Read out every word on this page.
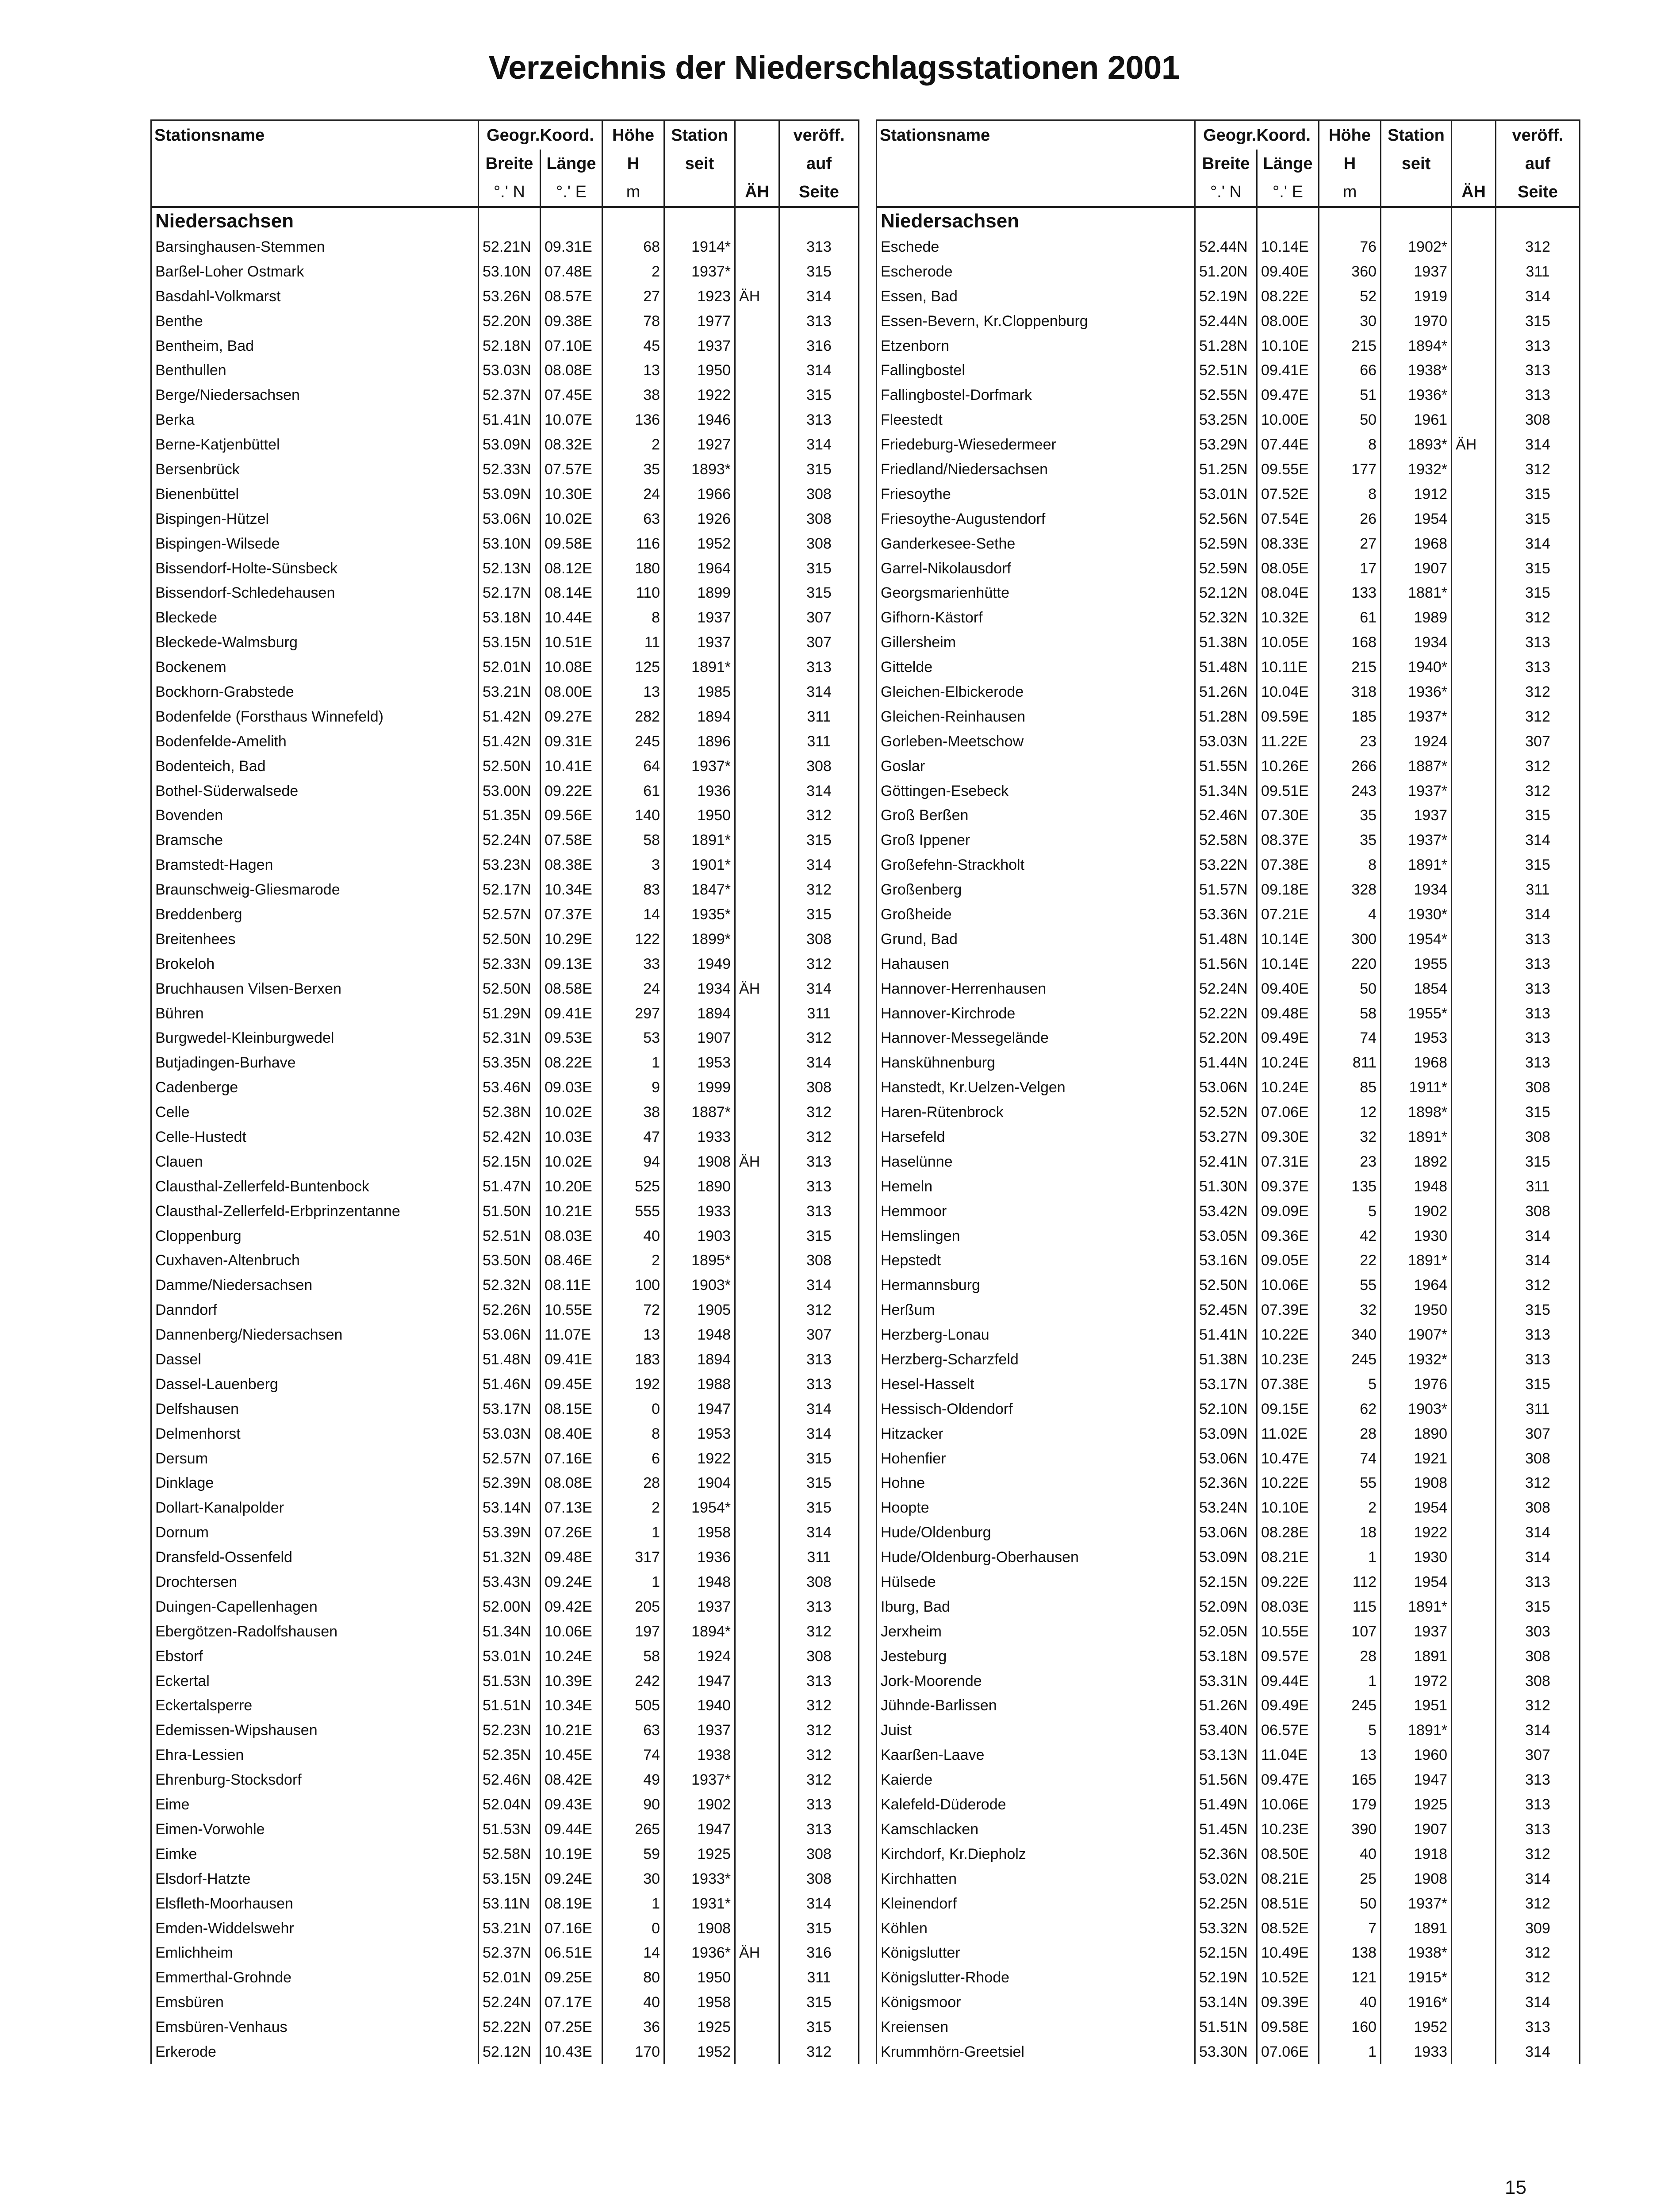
Verzeichnis der Niederschlagsstationen 2001
Stationsname	Geogr.Koord.		Höhe	Station		veröff.
	Breite	Länge	H	seit		auf
	°.' N	°.' E	m		ÄH	Seite
Niedersachsen						
Barsinghausen-Stemmen	52.21N	09.31E	68	1914*		313
Barßel-Loher Ostmark	53.10N	07.48E	2	1937*		315
Basdahl-Volkmarst	53.26N	08.57E	27	1923	ÄH	314
Benthe	52.20N	09.38E	78	1977		313
Bentheim, Bad	52.18N	07.10E	45	1937		316
Benthullen	53.03N	08.08E	13	1950		314
Berge/Niedersachsen	52.37N	07.45E	38	1922		315
Berka	51.41N	10.07E	136	1946		313
Berne-Katjenbüttel	53.09N	08.32E	2	1927		314
Bersenbrück	52.33N	07.57E	35	1893*		315
Bienenbüttel	53.09N	10.30E	24	1966		308
Bispingen-Hützel	53.06N	10.02E	63	1926		308
Bispingen-Wilsede	53.10N	09.58E	116	1952		308
Bissendorf-Holte-Sünsbeck	52.13N	08.12E	180	1964		315
Bissendorf-Schledehausen	52.17N	08.14E	110	1899		315
Bleckede	53.18N	10.44E	8	1937		307
Bleckede-Walmsburg	53.15N	10.51E	11	1937		307
Bockenem	52.01N	10.08E	125	1891*		313
Bockhorn-Grabstede	53.21N	08.00E	13	1985		314
Bodenfelde (Forsthaus Winnefeld)	51.42N	09.27E	282	1894		311
Bodenfelde-Amelith	51.42N	09.31E	245	1896		311
Bodenteich, Bad	52.50N	10.41E	64	1937*		308
Bothel-Süderwalsede	53.00N	09.22E	61	1936		314
Bovenden	51.35N	09.56E	140	1950		312
Bramsche	52.24N	07.58E	58	1891*		315
Bramstedt-Hagen	53.23N	08.38E	3	1901*		314
Braunschweig-Gliesmarode	52.17N	10.34E	83	1847*		312
Breddenberg	52.57N	07.37E	14	1935*		315
Breitenhees	52.50N	10.29E	122	1899*		308
Brokeloh	52.33N	09.13E	33	1949		312
Bruchhausen Vilsen-Berxen	52.50N	08.58E	24	1934	ÄH	314
Bühren	51.29N	09.41E	297	1894		311
Burgwedel-Kleinburgwedel	52.31N	09.53E	53	1907		312
Butjadingen-Burhave	53.35N	08.22E	1	1953		314
Cadenberge	53.46N	09.03E	9	1999		308
Celle	52.38N	10.02E	38	1887*		312
Celle-Hustedt	52.42N	10.03E	47	1933		312
Clauen	52.15N	10.02E	94	1908	ÄH	313
Clausthal-Zellerfeld-Buntenbock	51.47N	10.20E	525	1890		313
Clausthal-Zellerfeld-Erbprinzentanne	51.50N	10.21E	555	1933		313
Cloppenburg	52.51N	08.03E	40	1903		315
Cuxhaven-Altenbruch	53.50N	08.46E	2	1895*		308
Damme/Niedersachsen	52.32N	08.11E	100	1903*		314
Danndorf	52.26N	10.55E	72	1905		312
Dannenberg/Niedersachsen	53.06N	11.07E	13	1948		307
Dassel	51.48N	09.41E	183	1894		313
Dassel-Lauenberg	51.46N	09.45E	192	1988		313
Delfshausen	53.17N	08.15E	0	1947		314
Delmenhorst	53.03N	08.40E	8	1953		314
Dersum	52.57N	07.16E	6	1922		315
Dinklage	52.39N	08.08E	28	1904		315
Dollart-Kanalpolder	53.14N	07.13E	2	1954*		315
Dornum	53.39N	07.26E	1	1958		314
Dransfeld-Ossenfeld	51.32N	09.48E	317	1936		311
Drochtersen	53.43N	09.24E	1	1948		308
Duingen-Capellenhagen	52.00N	09.42E	205	1937		313
Ebergötzen-Radolfshausen	51.34N	10.06E	197	1894*		312
Ebstorf	53.01N	10.24E	58	1924		308
Eckertal	51.53N	10.39E	242	1947		313
Eckertalsperre	51.51N	10.34E	505	1940		312
Edemissen-Wipshausen	52.23N	10.21E	63	1937		312
Ehra-Lessien	52.35N	10.45E	74	1938		312
Ehrenburg-Stocksdorf	52.46N	08.42E	49	1937*		312
Eime	52.04N	09.43E	90	1902		313
Eimen-Vorwohle	51.53N	09.44E	265	1947		313
Eimke	52.58N	10.19E	59	1925		308
Elsdorf-Hatzte	53.15N	09.24E	30	1933*		308
Elsfleth-Moorhausen	53.11N	08.19E	1	1931*		314
Emden-Widdelswehr	53.21N	07.16E	0	1908		315
Emlichheim	52.37N	06.51E	14	1936*	ÄH	316
Emmerthal-Grohnde	52.01N	09.25E	80	1950		311
Emsbüren	52.24N	07.17E	40	1958		315
Emsbüren-Venhaus	52.22N	07.25E	36	1925		315
Erkerode	52.12N	10.43E	170	1952		312
Stationsname	Geogr.Koord.		Höhe	Station		veröff.
	Breite	Länge	H	seit		auf
	°.' N	°.' E	m		ÄH	Seite
Niedersachsen						
Eschede	52.44N	10.14E	76	1902*		312
Escherode	51.20N	09.40E	360	1937		311
Essen, Bad	52.19N	08.22E	52	1919		314
Essen-Bevern, Kr.Cloppenburg	52.44N	08.00E	30	1970		315
Etzenborn	51.28N	10.10E	215	1894*		313
Fallingbostel	52.51N	09.41E	66	1938*		313
Fallingbostel-Dorfmark	52.55N	09.47E	51	1936*		313
Fleestedt	53.25N	10.00E	50	1961		308
Friedeburg-Wiesedermeer	53.29N	07.44E	8	1893*	ÄH	314
Friedland/Niedersachsen	51.25N	09.55E	177	1932*		312
Friesoythe	53.01N	07.52E	8	1912		315
Friesoythe-Augustendorf	52.56N	07.54E	26	1954		315
Ganderkesee-Sethe	52.59N	08.33E	27	1968		314
Garrel-Nikolausdorf	52.59N	08.05E	17	1907		315
Georgsmarienhütte	52.12N	08.04E	133	1881*		315
Gifhorn-Kästorf	52.32N	10.32E	61	1989		312
Gillersheim	51.38N	10.05E	168	1934		313
Gittelde	51.48N	10.11E	215	1940*		313
Gleichen-Elbickerode	51.26N	10.04E	318	1936*		312
Gleichen-Reinhausen	51.28N	09.59E	185	1937*		312
Gorleben-Meetschow	53.03N	11.22E	23	1924		307
Goslar	51.55N	10.26E	266	1887*		312
Göttingen-Esebeck	51.34N	09.51E	243	1937*		312
Groß Berßen	52.46N	07.30E	35	1937		315
Groß Ippener	52.58N	08.37E	35	1937*		314
Großefehn-Strackholt	53.22N	07.38E	8	1891*		315
Großenberg	51.57N	09.18E	328	1934		311
Großheide	53.36N	07.21E	4	1930*		314
Grund, Bad	51.48N	10.14E	300	1954*		313
Hahausen	51.56N	10.14E	220	1955		313
Hannover-Herrenhausen	52.24N	09.40E	50	1854		313
Hannover-Kirchrode	52.22N	09.48E	58	1955*		313
Hannover-Messegelände	52.20N	09.49E	74	1953		313
Hanskühnenburg	51.44N	10.24E	811	1968		313
Hanstedt, Kr.Uelzen-Velgen	53.06N	10.24E	85	1911*		308
Haren-Rütenbrock	52.52N	07.06E	12	1898*		315
Harsefeld	53.27N	09.30E	32	1891*		308
Haselünne	52.41N	07.31E	23	1892		315
Hemeln	51.30N	09.37E	135	1948		311
Hemmoor	53.42N	09.09E	5	1902		308
Hemslingen	53.05N	09.36E	42	1930		314
Hepstedt	53.16N	09.05E	22	1891*		314
Hermannsburg	52.50N	10.06E	55	1964		312
Herßum	52.45N	07.39E	32	1950		315
Herzberg-Lonau	51.41N	10.22E	340	1907*		313
Herzberg-Scharzfeld	51.38N	10.23E	245	1932*		313
Hesel-Hasselt	53.17N	07.38E	5	1976		315
Hessisch-Oldendorf	52.10N	09.15E	62	1903*		311
Hitzacker	53.09N	11.02E	28	1890		307
Hohenfier	53.06N	10.47E	74	1921		308
Hohne	52.36N	10.22E	55	1908		312
Hoopte	53.24N	10.10E	2	1954		308
Hude/Oldenburg	53.06N	08.28E	18	1922		314
Hude/Oldenburg-Oberhausen	53.09N	08.21E	1	1930		314
Hülsede	52.15N	09.22E	112	1954		313
Iburg, Bad	52.09N	08.03E	115	1891*		315
Jerxheim	52.05N	10.55E	107	1937		303
Jesteburg	53.18N	09.57E	28	1891		308
Jork-Moorende	53.31N	09.44E	1	1972		308
Jühnde-Barlissen	51.26N	09.49E	245	1951		312
Juist	53.40N	06.57E	5	1891*		314
Kaarßen-Laave	53.13N	11.04E	13	1960		307
Kaierde	51.56N	09.47E	165	1947		313
Kalefeld-Düderode	51.49N	10.06E	179	1925		313
Kamschlacken	51.45N	10.23E	390	1907		313
Kirchdorf, Kr.Diepholz	52.36N	08.50E	40	1918		312
Kirchhatten	53.02N	08.21E	25	1908		314
Kleinendorf	52.25N	08.51E	50	1937*		312
Köhlen	53.32N	08.52E	7	1891		309
Königslutter	52.15N	10.49E	138	1938*		312
Königslutter-Rhode	52.19N	10.52E	121	1915*		312
Königsmoor	53.14N	09.39E	40	1916*		314
Kreiensen	51.51N	09.58E	160	1952		313
Krummhörn-Greetsiel	53.30N	07.06E	1	1933		314
15
